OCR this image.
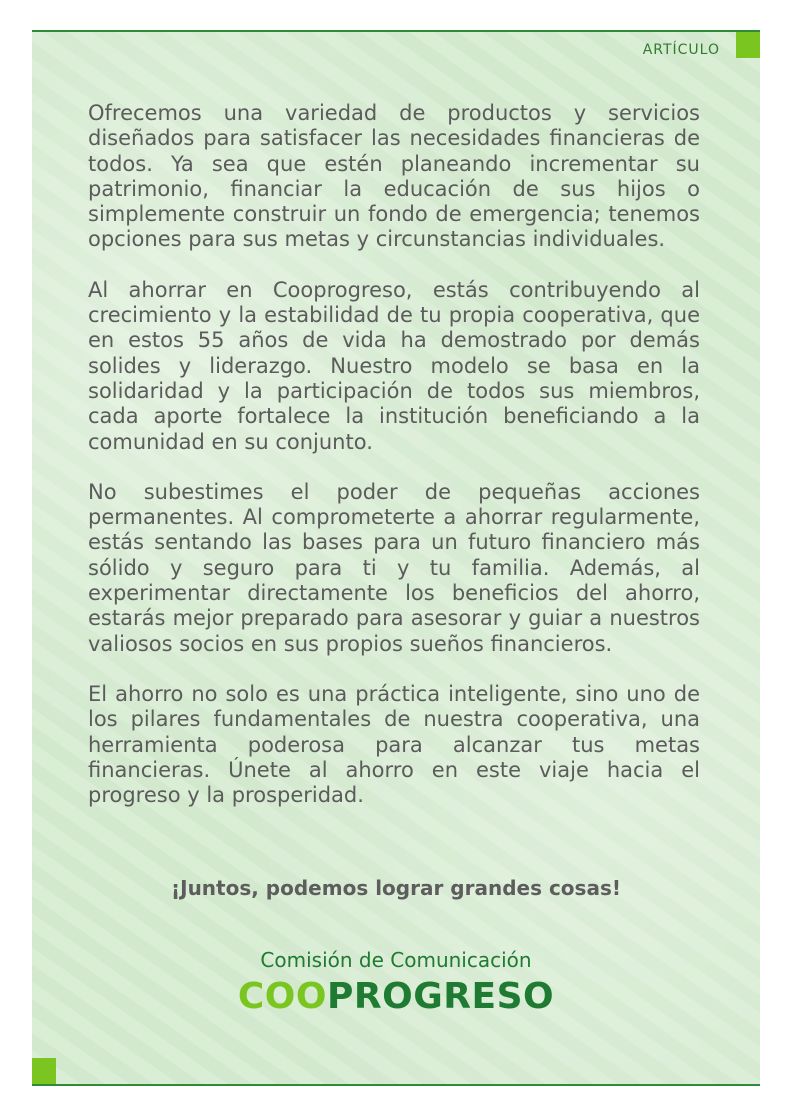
ARTÍCULO

Ofrecemos una variedad de productos y servicios diseñados para satisfacer las necesidades financieras de todos. Ya sea que estén planeando incrementar su patrimonio, financiar la educación de sus hijos o simplemente construir un fondo de emergencia; tenemos opciones para sus metas y circunstancias individuales.

Al ahorrar en Cooprogreso, estás contribuyendo al crecimiento y la estabilidad de tu propia cooperativa, que en estos 55 años de vida ha demostrado por demás solides y liderazgo. Nuestro modelo se basa en la solidaridad y la participación de todos sus miembros, cada aporte fortalece la institución beneficiando a la comunidad en su conjunto.

No subestimes el poder de pequeñas acciones permanentes. Al comprometerte a ahorrar regularmente, estás sentando las bases para un futuro financiero más sólido y seguro para ti y tu familia. Además, al experimentar directamente los beneficios del ahorro, estarás mejor preparado para asesorar y guiar a nuestros valiosos socios en sus propios sueños financieros.

El ahorro no solo es una práctica inteligente, sino uno de los pilares fundamentales de nuestra cooperativa, una herramienta poderosa para alcanzar tus metas financieras. Únete al ahorro en este viaje hacia el progreso y la prosperidad.

¡Juntos, podemos lograr grandes cosas!
Comisión de Comunicación
COOPROGRESO
